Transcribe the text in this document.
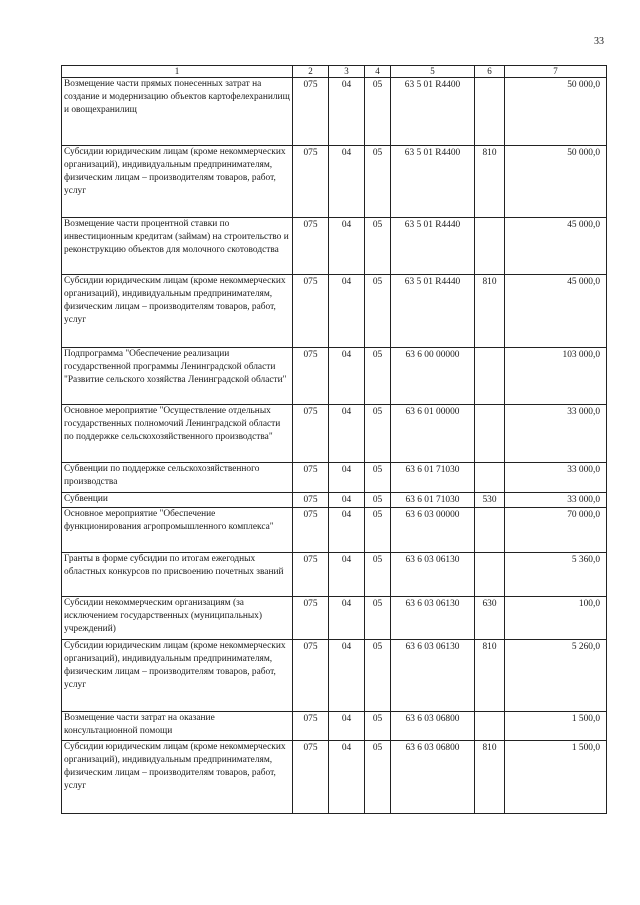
33
1	2	3	4	5	6	7
Возмещение части прямых понесенных затрат на создание и модернизацию объектов картофелехранилищ и овощехранилищ	075	04	05	63 5 01 R4400		50 000,0
Субсидии юридическим лицам (кроме некоммерческих организаций), индивидуальным предпринимателям, физическим лицам – производителям товаров, работ, услуг	075	04	05	63 5 01 R4400	810	50 000,0
Возмещение части процентной ставки по инвестиционным кредитам (займам) на строительство и реконструкцию объектов для молочного скотоводства	075	04	05	63 5 01 R4440		45 000,0
Субсидии юридическим лицам (кроме некоммерческих организаций), индивидуальным предпринимателям, физическим лицам – производителям товаров, работ, услуг	075	04	05	63 5 01 R4440	810	45 000,0
Подпрограмма "Обеспечение реализации государственной программы Ленинградской области "Развитие сельского хозяйства Ленинградской области"	075	04	05	63 6 00 00000		103 000,0
Основное мероприятие "Осуществление отдельных государственных полномочий Ленинградской области по поддержке сельскохозяйственного производства"	075	04	05	63 6 01 00000		33 000,0
Субвенции по поддержке сельскохозяйственного производства	075	04	05	63 6 01 71030		33 000,0
Субвенции	075	04	05	63 6 01 71030	530	33 000,0
Основное мероприятие "Обеспечение функционирования агропромышленного комплекса"	075	04	05	63 6 03 00000		70 000,0
Гранты в форме субсидии по итогам ежегодных областных конкурсов по присвоению почетных званий	075	04	05	63 6 03 06130		5 360,0
Субсидии некоммерческим организациям (за исключением государственных (муниципальных) учреждений)	075	04	05	63 6 03 06130	630	100,0
Субсидии юридическим лицам (кроме некоммерческих организаций), индивидуальным предпринимателям, физическим лицам – производителям товаров, работ, услуг	075	04	05	63 6 03 06130	810	5 260,0
Возмещение части затрат на оказание консультационной помощи	075	04	05	63 6 03 06800		1 500,0
Субсидии юридическим лицам (кроме некоммерческих организаций), индивидуальным предпринимателям, физическим лицам – производителям товаров, работ, услуг	075	04	05	63 6 03 06800	810	1 500,0
